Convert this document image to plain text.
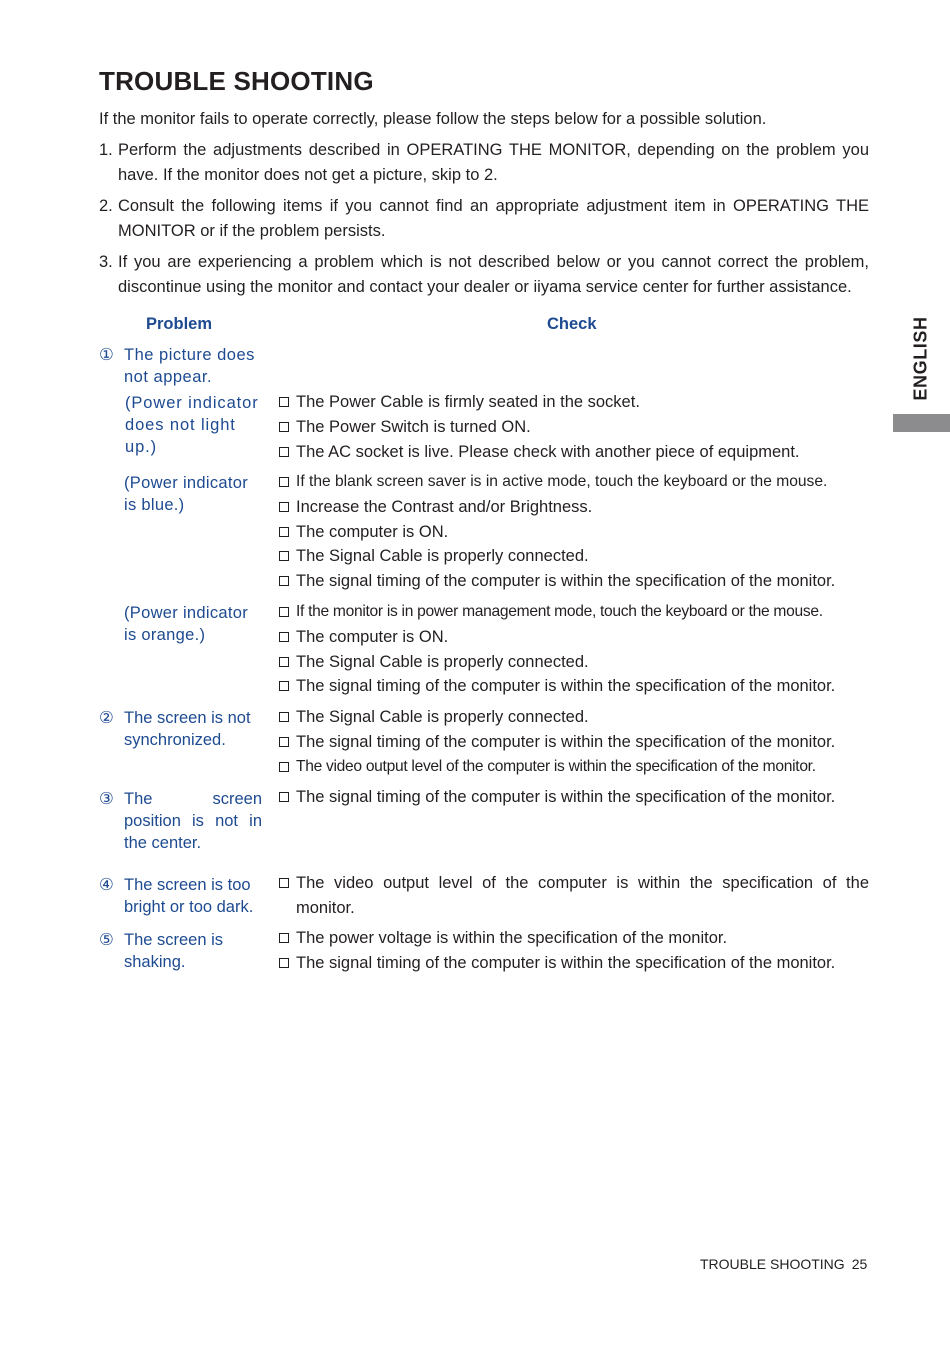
TROUBLE SHOOTING

If the monitor fails to operate correctly, please follow the steps below for a possible solution.

1. Perform the adjustments described in OPERATING THE MONITOR, depending on the problem you have. If the monitor does not get a picture, skip to 2.
2. Consult the following items if you cannot find an appropriate adjustment item in OPERATING THE MONITOR or if the problem persists.
3. If you are experiencing a problem which is not described below or you cannot correct the problem, discontinue using the monitor and contact your dealer or iiyama service center for further assistance.
ENGLISH
Problem	Check
① The picture does not appear.
(Power indicator does not light up.)
The Power Cable is firmly seated in the socket.
The Power Switch is turned ON.
The AC socket is live. Please check with another piece of equipment.
(Power indicator is blue.)
If the blank screen saver is in active mode, touch the keyboard or the mouse.
Increase the Contrast and/or Brightness.
The computer is ON.
The Signal Cable is properly connected.
The signal timing of the computer is within the specification of the monitor.
(Power indicator is orange.)
If the monitor is in power management mode, touch the keyboard or the mouse.
The computer is ON.
The Signal Cable is properly connected.
The signal timing of the computer is within the specification of the monitor.
② The screen is not synchronized.
The Signal Cable is properly connected.
The signal timing of the computer is within the specification of the monitor.
The video output level of the computer is within the specification of the monitor.
③ The screen position is not in the center.
The signal timing of the computer is within the specification of the monitor.
④ The screen is too bright or too dark.
The video output level of the computer is within the specification of the monitor.
⑤ The screen is shaking.
The power voltage is within the specification of the monitor.
The signal timing of the computer is within the specification of the monitor.
TROUBLE SHOOTING 25
